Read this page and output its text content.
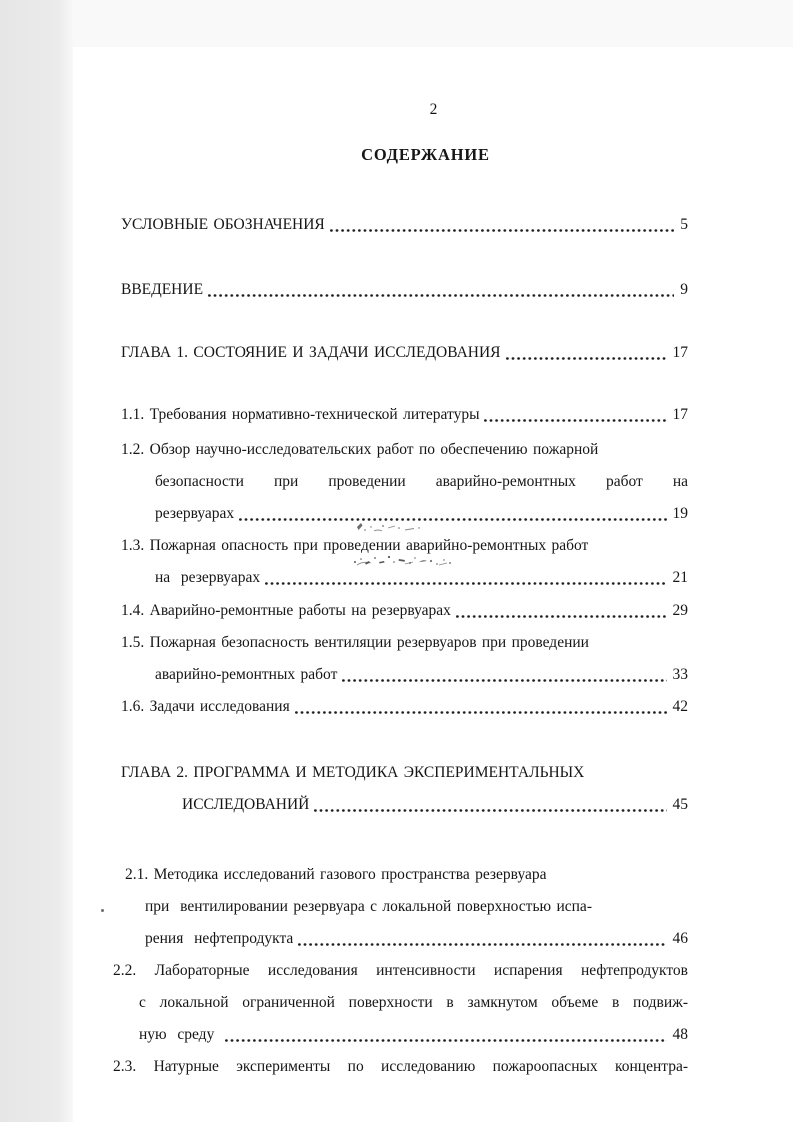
2
СОДЕРЖАНИЕ
УСЛОВНЫЕ ОБОЗНАЧЕНИЯ	5
ВВЕДЕНИЕ	9
ГЛАВА 1. СОСТОЯНИЕ И ЗАДАЧИ ИССЛЕДОВАНИЯ	17
1.1. Требования нормативно-технической литературы	17
1.2. Обзор научно-исследовательских работ по обеспечению пожарной
безопасности при проведении аварийно-ремонтных работ на
резервуарах	19
1.3. Пожарная опасность при проведении аварийно-ремонтных работ
на  резервуарах	21
1.4. Аварийно-ремонтные работы на резервуарах	29
1.5. Пожарная безопасность вентиляции резервуаров при проведении
аварийно-ремонтных работ	33
1.6. Задачи исследования	42
ГЛАВА 2. ПРОГРАММА И МЕТОДИКА ЭКСПЕРИМЕНТАЛЬНЫХ
ИССЛЕДОВАНИЙ	45
2.1. Методика исследований газового пространства резервуара
при  вентилировании резервуара с локальной поверхностью испа-
рения  нефтепродукта	46
2.2. Лабораторные исследования интенсивности испарения нефтепродуктов
с локальной ограниченной поверхности в замкнутом объеме в подвиж-
ную  среду	48
2.3. Натурные эксперименты по исследованию пожароопасных концентра-
